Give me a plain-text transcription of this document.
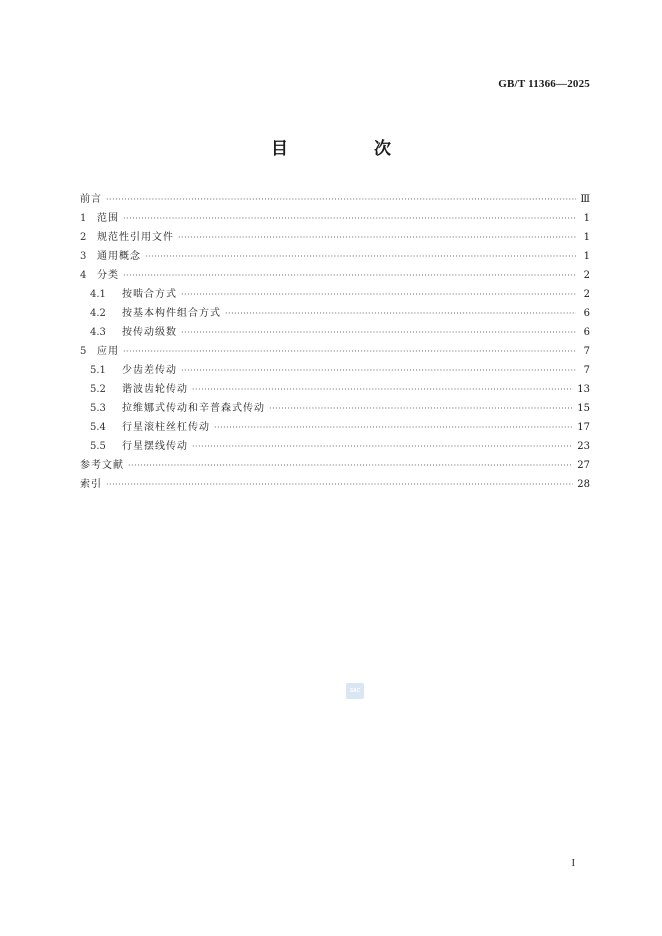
GB/T 11366—2025
目 次
前言 ·····	Ⅲ
1	范围 ·····	1
2	规范性引用文件 ·····	1
3	通用概念 ·····	1
4	分类 ·····	2
4.1	按啮合方式 ·····	2
4.2	按基本构件组合方式 ·····	6
4.3	按传动级数 ·····	6
5	应用 ·····	7
5.1	少齿差传动 ·····	7
5.2	谐波齿轮传动 ·····	13
5.3	拉维娜式传动和辛普森式传动 ·····	15
5.4	行星滚柱丝杠传动 ·····	17
5.5	行星摆线传动 ·····	23
参考文献 ·····	27
索引 ·····	28
SAC
I
